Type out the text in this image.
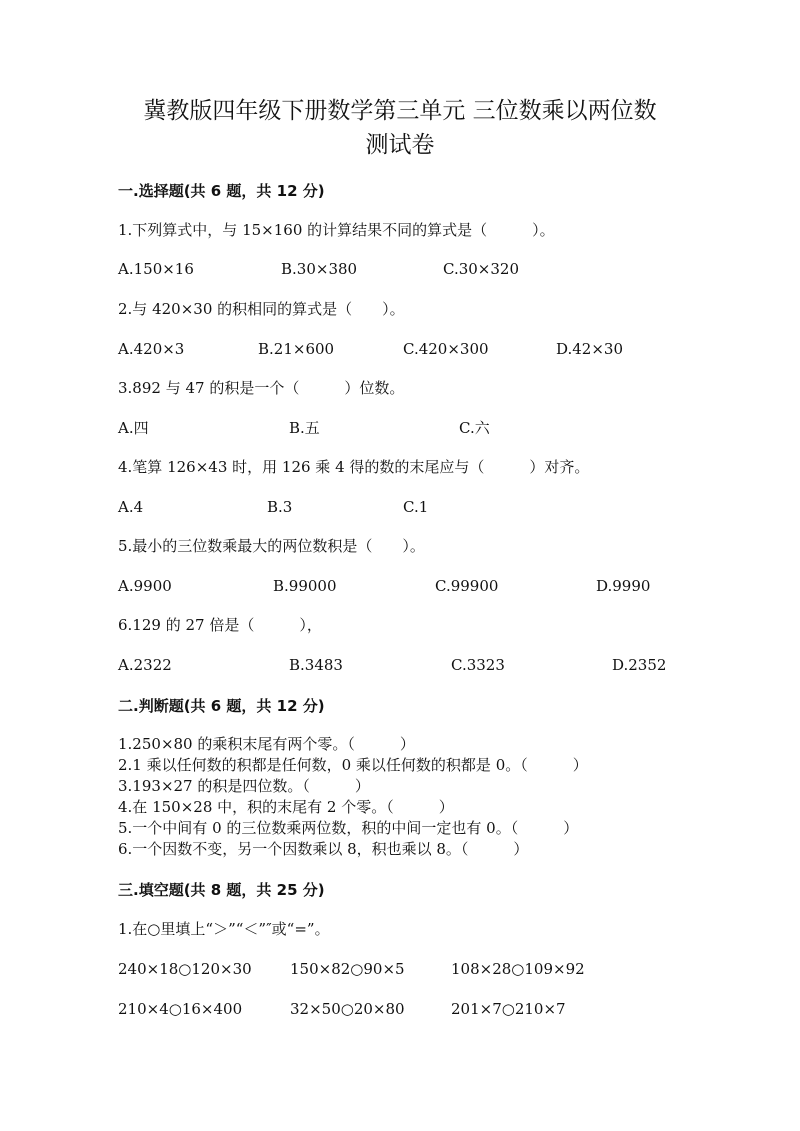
冀教版四年级下册数学第三单元 三位数乘以两位数
测试卷
一.选择题(共 6 题，共 12 分)
1.下列算式中，与 15×160 的计算结果不同的算式是（　　　）。
A.150×16	B.30×380	C.30×320
2.与 420×30 的积相同的算式是（　　）。
A.420×3	B.21×600	C.420×300	D.42×30
3.892 与 47 的积是一个（　　　）位数。
A.四	B.五	C.六
4.笔算 126×43 时，用 126 乘 4 得的数的末尾应与（　　　）对齐。
A.4	B.3	C.1
5.最小的三位数乘最大的两位数积是（　　）。
A.9900	B.99000	C.99900	D.9990
6.129 的 27 倍是（　　　），
A.2322	B.3483	C.3323	D.2352
二.判断题(共 6 题，共 12 分)
1.250×80 的乘积末尾有两个零。（　　　）
2.1 乘以任何数的积都是任何数，0 乘以任何数的积都是 0。（　　　）
3.193×27 的积是四位数。（　　　）
4.在 150×28 中，积的末尾有 2 个零。（　　　）
5.一个中间有 0 的三位数乘两位数，积的中间一定也有 0。（　　　）
6.一个因数不变，另一个因数乘以 8，积也乘以 8。（　　　）
三.填空题(共 8 题，共 25 分)
1.在○里填上“＞”“＜”″或“=”。
240×18○120×30	150×82○90×5	108×28○109×92
210×4○16×400	32×50○20×80	201×7○210×7
